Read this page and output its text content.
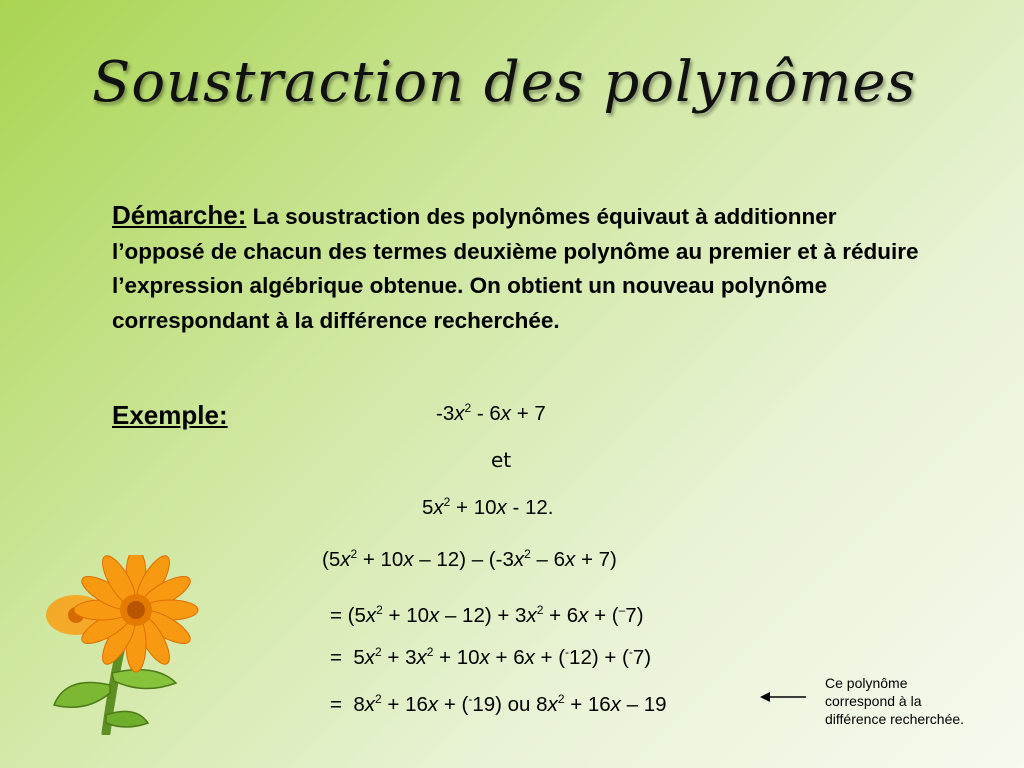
Soustraction des polynômes
Démarche: La soustraction des polynômes équivaut à additionner l’opposé de chacun des termes deuxième polynôme au premier et à réduire l’expression algébrique obtenue. On obtient un nouveau polynôme correspondant à la différence recherchée.
Exemple:	$-3x^2 - 6x + 7$
et
$5x^2 + 10x - 12$.
$(5x^2 + 10x - 12) - (-3x^2 - 6x + 7)$
= $(5x^2 + 10x - 12) + 3x^2 + 6x + (^-7)$
=  $5x^2 + 3x^2 + 10x + 6x + (^-12) + (^-7)$
=  $8x^2 + 16x + (^-19)$ ou $8x^2 + 16x - 19$
Ce polynôme
correspond à la
différence recherchée.
